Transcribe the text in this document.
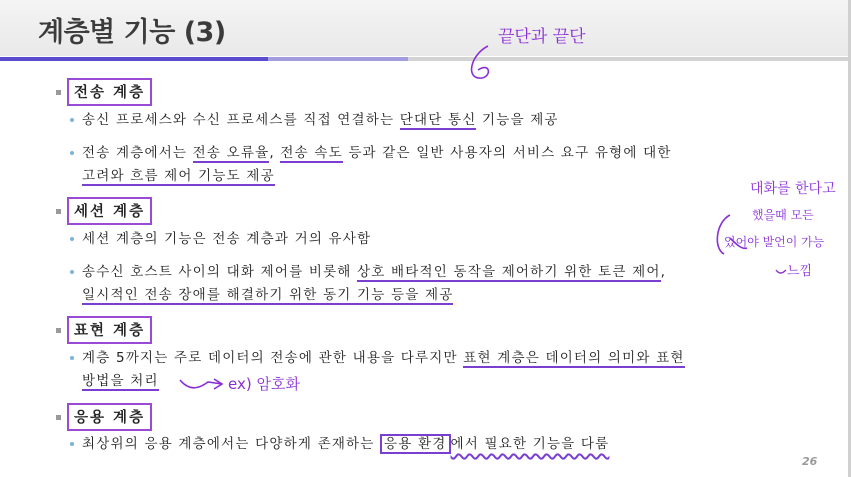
계층별 기능 (3)
전송 계층
송신 프로세스와 수신 프로세스를 직접 연결하는 단대단 통신 기능을 제공
전송 계층에서는 전송 오류율, 전송 속도 등과 같은 일반 사용자의 서비스 요구 유형에 대한
고려와 흐름 제어 기능도 제공
세션 계층
세션 계층의 기능은 전송 계층과 거의 유사함
송수신 호스트 사이의 대화 제어를 비롯해 상호 배타적인 동작을 제어하기 위한 토큰 제어,
일시적인 전송 장애를 해결하기 위한 동기 기능 등을 제공
표현 계층
계층 5까지는 주로 데이터의 전송에 관한 내용을 다루지만 표현 계층은 데이터의 의미와 표현
방법을 처리
응용 계층
최상위의 응용 계층에서는 다양하게 존재하는 응용 환경 에서 필요한 기능을 다룸
끝단과 끝단
대화를 한다고
했을때 모든
있어야 발언이 가능
느낌
ex) 암호화
26
